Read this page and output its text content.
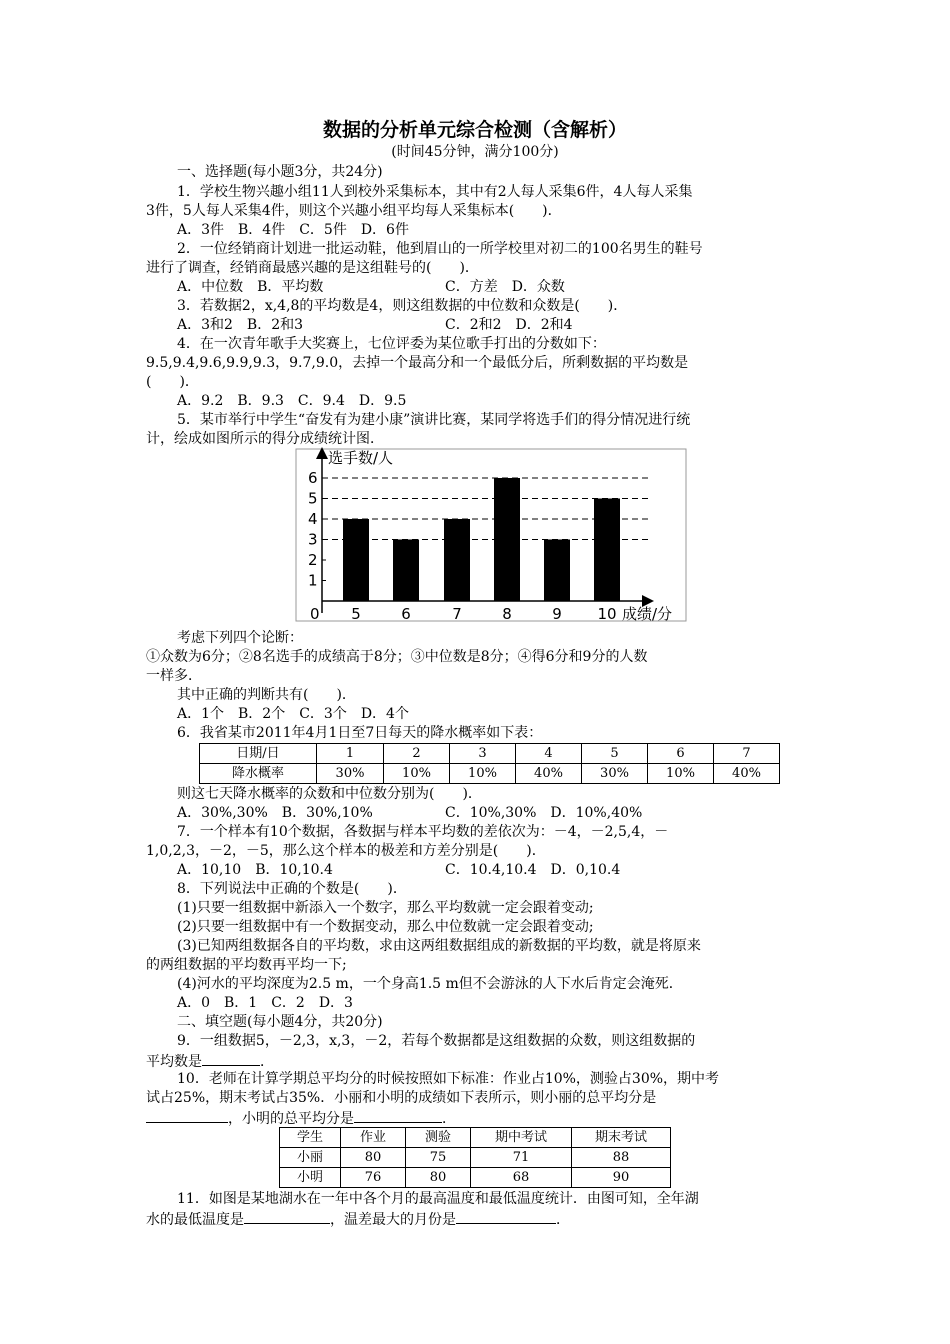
数据的分析单元综合检测（含解析）
(时间45分钟，满分100分)
一、选择题(每小题3分，共24分)
1．学校生物兴趣小组11人到校外采集标本，其中有2人每人采集6件，4人每人采集
3件，5人每人采集4件，则这个兴趣小组平均每人采集标本(　　)．
A．3件　B．4件　C．5件　D．6件
2．一位经销商计划进一批运动鞋，他到眉山的一所学校里对初二的100名男生的鞋号
进行了调查，经销商最感兴趣的是这组鞋号的(　　)．
A．中位数　B．平均数	C．方差　D．众数
3．若数据2，x,4,8的平均数是4，则这组数据的中位数和众数是(　　)．
A．3和2　B．2和3	C．2和2　D．2和4
4．在一次青年歌手大奖赛上，七位评委为某位歌手打出的分数如下：
9.5,9.4,9.6,9.9,9.3，9.7,9.0，去掉一个最高分和一个最低分后，所剩数据的平均数是
(　　)．
A．9.2　B．9.3　C．9.4　D．9.5
5．某市举行中学生“奋发有为建小康”演讲比赛，某同学将选手们的得分情况进行统
计，绘成如图所示的得分成绩统计图．
1
2
3
4
5
6
5	6	7	8	9 10
选手数/人
成绩/分
0
考虑下列四个论断：
①众数为6分；②8名选手的成绩高于8分；③中位数是8分；④得6分和9分的人数
一样多．
其中正确的判断共有(　　)．
A．1个　B．2个　C．3个　D．4个
6．我省某市2011年4月1日至7日每天的降水概率如下表：
日期/日	1	2	3	4	5	6	7
降水概率	30%	10%	10%	40%	30%	10%	40%
则这七天降水概率的众数和中位数分别为(　　)．
A．30%,30%　B．30%,10%	C．10%,30%　D．10%,40%
7．一个样本有10个数据，各数据与样本平均数的差依次为：－4，－2,5,4，－
1,0,2,3，－2，－5，那么这个样本的极差和方差分别是(　　)．
A．10,10　B．10,10.4	C．10.4,10.4　D．0,10.4
8．下列说法中正确的个数是(　　)．
(1)只要一组数据中新添入一个数字，那么平均数就一定会跟着变动;
(2)只要一组数据中有一个数据变动，那么中位数就一定会跟着变动;
(3)已知两组数据各自的平均数，求由这两组数据组成的新数据的平均数，就是将原来
的两组数据的平均数再平均一下;
(4)河水的平均深度为2.5 m，一个身高1.5 m但不会游泳的人下水后肯定会淹死．
A．0　B．1　C．2　D．3
二、填空题(每小题4分，共20分)
9．一组数据5，－2,3，x,3，－2，若每个数据都是这组数据的众数，则这组数据的
平均数是	．
10．老师在计算学期总平均分的时候按照如下标准：作业占10%，测验占30%，期中考
试占25%，期末考试占35%．小丽和小明的成绩如下表所示，则小丽的总平均分是
，小明的总平均分是	．
学生	作业	测验	期中考试	期末考试
小丽	80	75	71	88
小明	76	80	68	90
11．如图是某地湖水在一年中各个月的最高温度和最低温度统计．由图可知，全年湖
水的最低温度是	，温差最大的月份是	．
